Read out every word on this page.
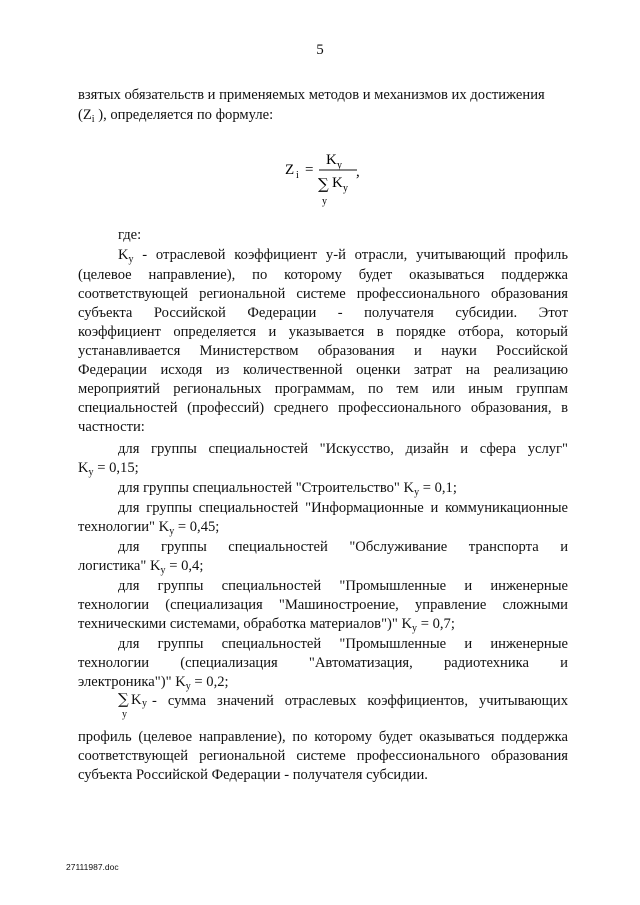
5
взятых обязательств и применяемых методов и механизмов их достижения
($Z_i$ ), определяется по формуле:
Z i =
K y
∑
y
K y
,
где:
$K_y$ - отраслевой коэффициент у-й отрасли, учитывающий профиль
(целевое направление), по которому будет оказываться поддержка
соответствующей региональной системе профессионального образования
субъекта Российской Федерации - получателя субсидии. Этот
коэффициент определяется и указывается в порядке отбора, который
устанавливается Министерством образования и науки Российской
Федерации исходя из количественной оценки затрат на реализацию
мероприятий региональных программам, по тем или иным группам
специальностей (профессий) среднего профессионального образования, в
частности:
для группы специальностей "Искусство, дизайн и сфера услуг"
$K_y = 0,15$;
для группы специальностей "Строительство" $K_y = 0,1$;
для группы специальностей "Информационные и коммуникационные
технологии" $K_y = 0,45$;
для группы специальностей "Обслуживание транспорта и
логистика" $K_y = 0,4$;
для группы специальностей "Промышленные и инженерные
технологии (специализация "Машиностроение, управление сложными
техническими системами, обработка материалов")" $K_y = 0,7$;
для группы специальностей "Промышленные и инженерные
технологии (специализация "Автоматизация, радиотехника и
электроника")" $K_y = 0,2$;
∑ K y
y
- сумма значений отраслевых коэффициентов, учитывающих
профиль (целевое направление), по которому будет оказываться поддержка
соответствующей региональной системе профессионального образования
субъекта Российской Федерации - получателя субсидии.
27111987.doc
